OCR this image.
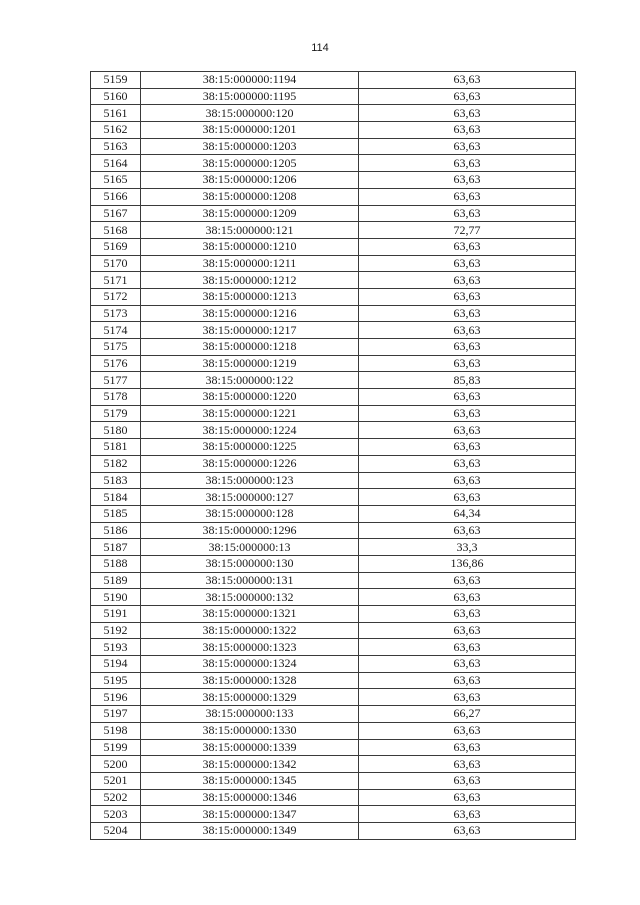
114
5159	38:15:000000:1194	63,63
5160	38:15:000000:1195	63,63
5161	38:15:000000:120	63,63
5162	38:15:000000:1201	63,63
5163	38:15:000000:1203	63,63
5164	38:15:000000:1205	63,63
5165	38:15:000000:1206	63,63
5166	38:15:000000:1208	63,63
5167	38:15:000000:1209	63,63
5168	38:15:000000:121	72,77
5169	38:15:000000:1210	63,63
5170	38:15:000000:1211	63,63
5171	38:15:000000:1212	63,63
5172	38:15:000000:1213	63,63
5173	38:15:000000:1216	63,63
5174	38:15:000000:1217	63,63
5175	38:15:000000:1218	63,63
5176	38:15:000000:1219	63,63
5177	38:15:000000:122	85,83
5178	38:15:000000:1220	63,63
5179	38:15:000000:1221	63,63
5180	38:15:000000:1224	63,63
5181	38:15:000000:1225	63,63
5182	38:15:000000:1226	63,63
5183	38:15:000000:123	63,63
5184	38:15:000000:127	63,63
5185	38:15:000000:128	64,34
5186	38:15:000000:1296	63,63
5187	38:15:000000:13	33,3
5188	38:15:000000:130	136,86
5189	38:15:000000:131	63,63
5190	38:15:000000:132	63,63
5191	38:15:000000:1321	63,63
5192	38:15:000000:1322	63,63
5193	38:15:000000:1323	63,63
5194	38:15:000000:1324	63,63
5195	38:15:000000:1328	63,63
5196	38:15:000000:1329	63,63
5197	38:15:000000:133	66,27
5198	38:15:000000:1330	63,63
5199	38:15:000000:1339	63,63
5200	38:15:000000:1342	63,63
5201	38:15:000000:1345	63,63
5202	38:15:000000:1346	63,63
5203	38:15:000000:1347	63,63
5204	38:15:000000:1349	63,63
